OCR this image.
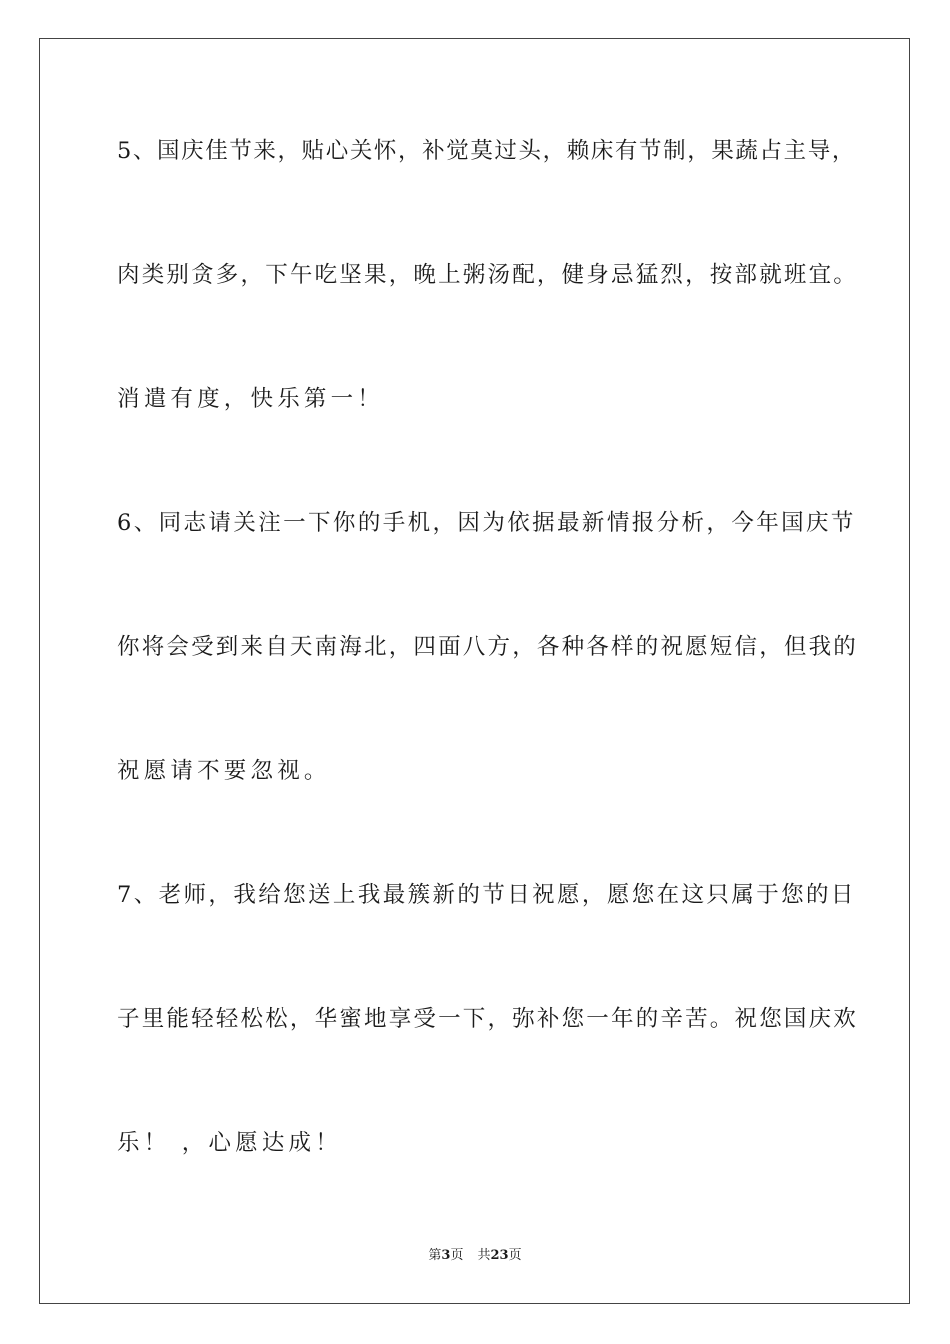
5、国庆佳节来，贴心关怀，补觉莫过头，赖床有节制，果蔬占主导，
肉类别贪多，下午吃坚果，晚上粥汤配，健身忌猛烈，按部就班宜。
消遣有度，快乐第一！
6、同志请关注一下你的手机，因为依据最新情报分析，今年国庆节
你将会受到来自天南海北，四面八方，各种各样的祝愿短信，但我的
祝愿请不要忽视。
7、老师，我给您送上我最簇新的节日祝愿，愿您在这只属于您的日
子里能轻轻松松，华蜜地享受一下，弥补您一年的辛苦。祝您国庆欢
乐！ ，心愿达成！
第3页 共23页
